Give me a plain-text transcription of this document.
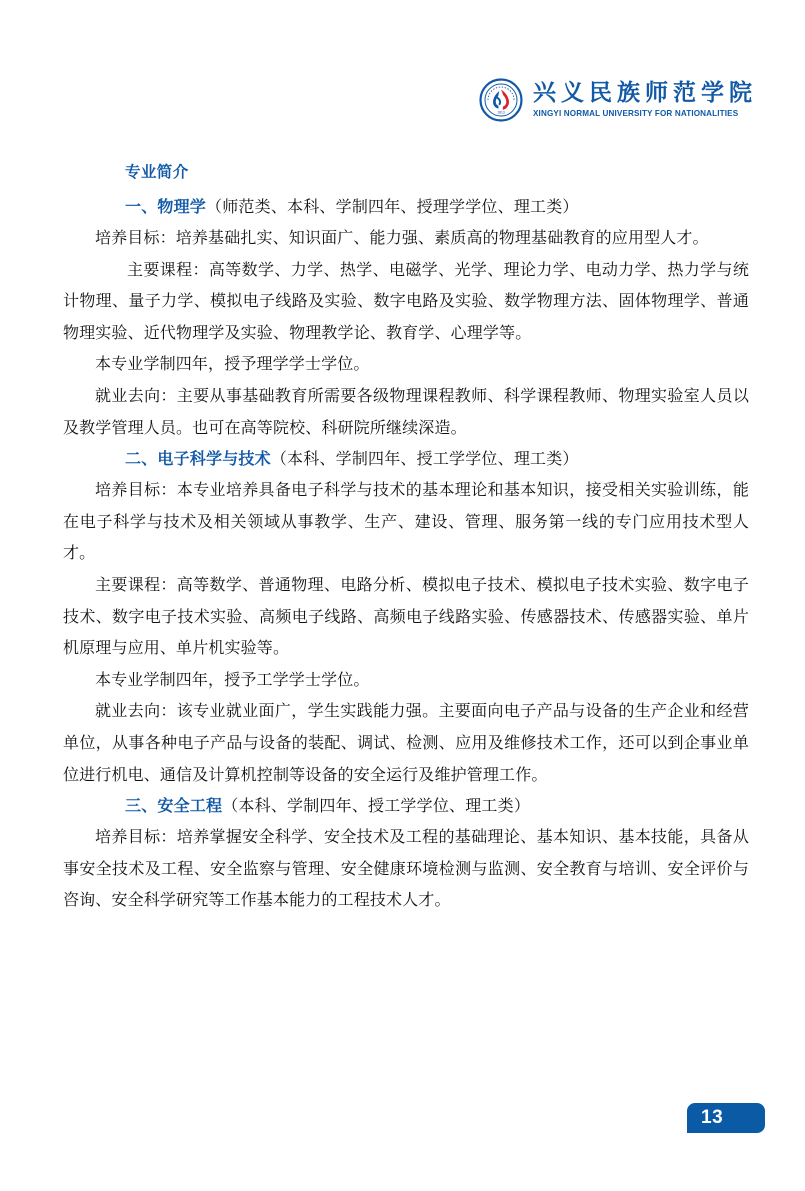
1813
兴义民族师范学院
XINGYI NORMAL UNIVERSITY FOR NATIONALITIES
专业简介
一、物理学（师范类、本科、学制四年、授理学学位、理工类）

培养目标：培养基础扎实、知识面广、能力强、素质高的物理基础教育的应用型人才。

主要课程：高等数学、力学、热学、电磁学、光学、理论力学、电动力学、热力学与统计物理、量子力学、模拟电子线路及实验、数字电路及实验、数学物理方法、固体物理学、普通物理实验、近代物理学及实验、物理教学论、教育学、心理学等。

本专业学制四年，授予理学学士学位。

就业去向：主要从事基础教育所需要各级物理课程教师、科学课程教师、物理实验室人员以及教学管理人员。也可在高等院校、科研院所继续深造。

二、电子科学与技术（本科、学制四年、授工学学位、理工类）

培养目标：本专业培养具备电子科学与技术的基本理论和基本知识，接受相关实验训练，能在电子科学与技术及相关领域从事教学、生产、建设、管理、服务第一线的专门应用技术型人才。

主要课程：高等数学、普通物理、电路分析、模拟电子技术、模拟电子技术实验、数字电子技术、数字电子技术实验、高频电子线路、高频电子线路实验、传感器技术、传感器实验、单片机原理与应用、单片机实验等。

本专业学制四年，授予工学学士学位。

就业去向：该专业就业面广，学生实践能力强。主要面向电子产品与设备的生产企业和经营单位，从事各种电子产品与设备的装配、调试、检测、应用及维修技术工作，还可以到企事业单位进行机电、通信及计算机控制等设备的安全运行及维护管理工作。

三、安全工程（本科、学制四年、授工学学位、理工类）

培养目标：培养掌握安全科学、安全技术及工程的基础理论、基本知识、基本技能，具备从事安全技术及工程、安全监察与管理、安全健康环境检测与监测、安全教育与培训、安全评价与咨询、安全科学研究等工作基本能力的工程技术人才。

13
